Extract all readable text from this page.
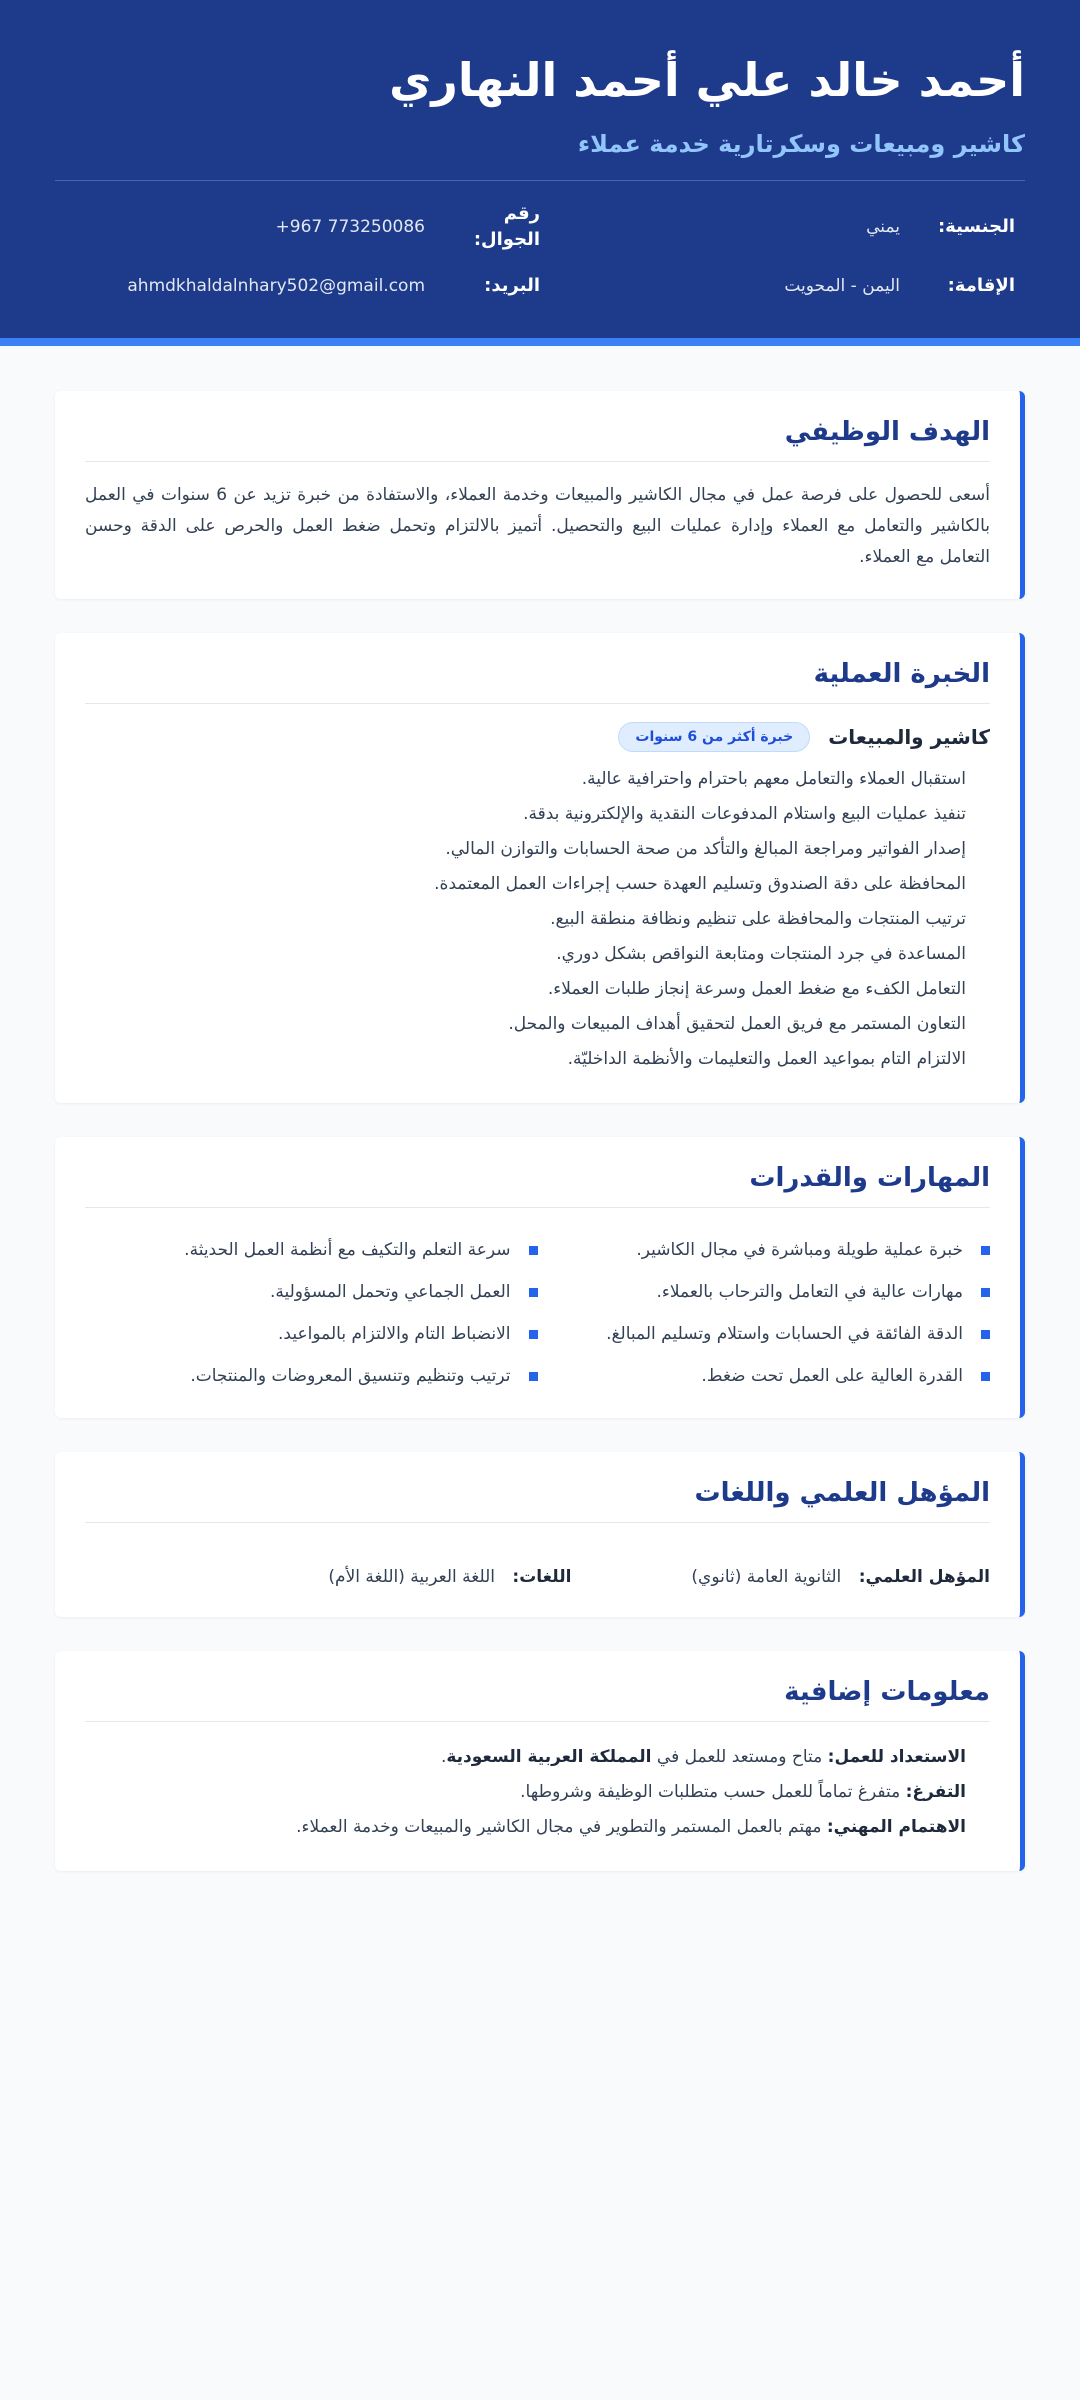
أحمد خالد علي أحمد النهاري
كاشير ومبيعات وسكرتارية خدمة عملاء
الجنسية:
يمني
رقم الجوال:
+967 773250086
الإقامة:
اليمن - المحويت
البريد:
ahmdkhaldalnhary502@gmail.com
الهدف الوظيفي

أسعى للحصول على فرصة عمل في مجال الكاشير والمبيعات وخدمة العملاء، والاستفادة من خبرة تزيد عن 6 سنوات في العمل بالكاشير والتعامل مع العملاء وإدارة عمليات البيع والتحصيل. أتميز بالالتزام وتحمل ضغط العمل والحرص على الدقة وحسن التعامل مع العملاء.

الخبرة العملية
كاشير والمبيعات
خبرة أكثر من 6 سنوات
استقبال العملاء والتعامل معهم باحترام واحترافية عالية.
تنفيذ عمليات البيع واستلام المدفوعات النقدية والإلكترونية بدقة.
إصدار الفواتير ومراجعة المبالغ والتأكد من صحة الحسابات والتوازن المالي.
المحافظة على دقة الصندوق وتسليم العهدة حسب إجراءات العمل المعتمدة.
ترتيب المنتجات والمحافظة على تنظيم ونظافة منطقة البيع.
المساعدة في جرد المنتجات ومتابعة النواقص بشكل دوري.
التعامل الكفء مع ضغط العمل وسرعة إنجاز طلبات العملاء.
التعاون المستمر مع فريق العمل لتحقيق أهداف المبيعات والمحل.
الالتزام التام بمواعيد العمل والتعليمات والأنظمة الداخليّة.
المهارات والقدرات
خبرة عملية طويلة ومباشرة في مجال الكاشير.
سرعة التعلم والتكيف مع أنظمة العمل الحديثة.
مهارات عالية في التعامل والترحاب بالعملاء.
العمل الجماعي وتحمل المسؤولية.
الدقة الفائقة في الحسابات واستلام وتسليم المبالغ.
الانضباط التام والالتزام بالمواعيد.
القدرة العالية على العمل تحت ضغط.
ترتيب وتنظيم وتنسيق المعروضات والمنتجات.
المؤهل العلمي واللغات
المؤهل العلمي: الثانوية العامة (ثانوي)
اللغات: اللغة العربية (اللغة الأم)
معلومات إضافية
الاستعداد للعمل: متاح ومستعد للعمل في المملكة العربية السعودية.
التفرغ: متفرغ تماماً للعمل حسب متطلبات الوظيفة وشروطها.
الاهتمام المهني: مهتم بالعمل المستمر والتطوير في مجال الكاشير والمبيعات وخدمة العملاء.
